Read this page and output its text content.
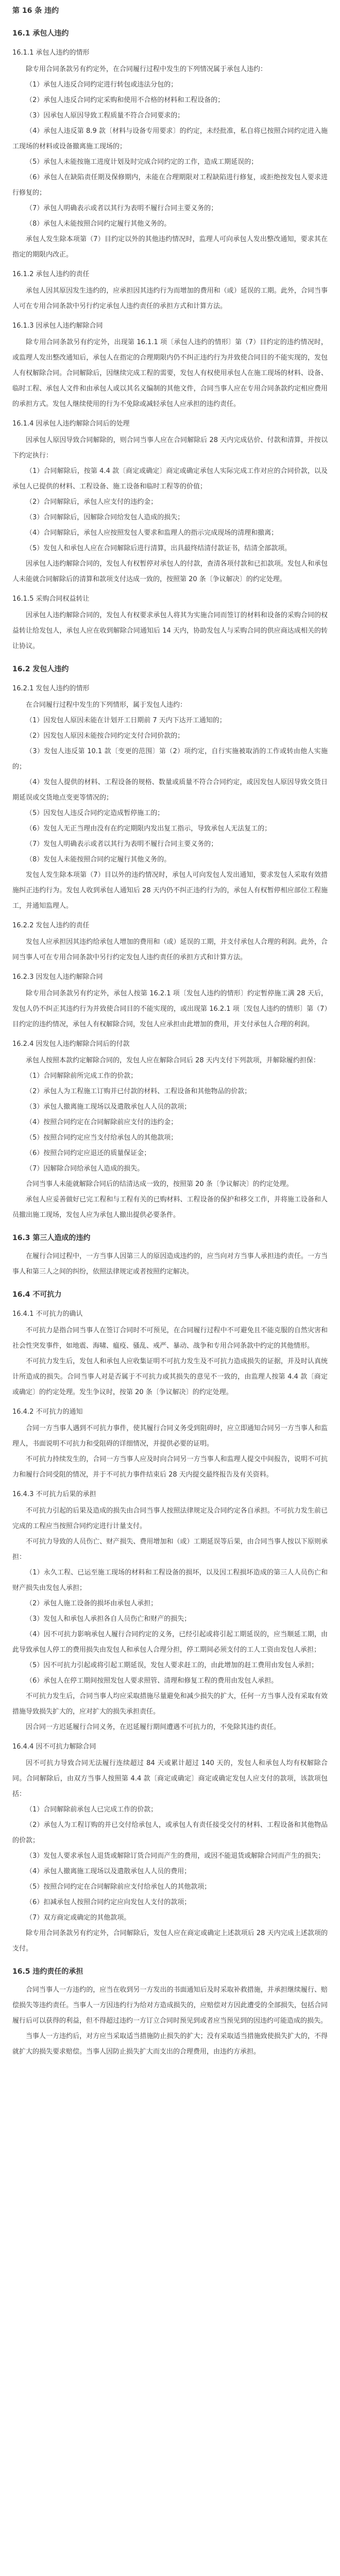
第 16 条 违约
16.1 承包人违约

16.1.1 承包人违约的情形

除专用合同条款另有约定外，在合同履行过程中发生的下列情况属于承包人违约：

（1）承包人违反合同约定进行转包或违法分包的；

（2）承包人违反合同约定采购和使用不合格的材料和工程设备的；

（3）因承包人原因导致工程质量不符合合同要求的；

（4）承包人违反第 8.9 款〔材料与设备专用要求〕的约定，未经批准，私自将已按照合同约定进入施工现场的材料或设备撤离施工现场的；

（5）承包人未能按施工进度计划及时完成合同约定的工作，造成工期延误的；

（6）承包人在缺陷责任期及保修期内，未能在合理期限对工程缺陷进行修复，或拒绝按发包人要求进行修复的；

（7）承包人明确表示或者以其行为表明不履行合同主要义务的；

（8）承包人未能按照合同约定履行其他义务的。

承包人发生除本项第（7）目约定以外的其他违约情况时，监理人可向承包人发出整改通知，要求其在指定的期限内改正。

16.1.2 承包人违约的责任

承包人因其原因发生违约的，应承担因其违约行为而增加的费用和（或）延误的工期。此外，合同当事人可在专用合同条款中另行约定承包人违约责任的承担方式和计算方法。

16.1.3 因承包人违约解除合同

除专用合同条款另有约定外，出现第 16.1.1 项〔承包人违约的情形〕第（7）目约定的违约情况时，或监理人发出整改通知后，承包人在指定的合理期限内仍不纠正违约行为并致使合同目的不能实现的，发包人有权解除合同。合同解除后，因继续完成工程的需要，发包人有权使用承包人在施工现场的材料、设备、临时工程、承包人文件和由承包人或以其名义编制的其他文件，合同当事人应在专用合同条款约定相应费用的承担方式。发包人继续使用的行为不免除或减轻承包人应承担的违约责任。

16.1.4 因承包人违约解除合同后的处理

因承包人原因导致合同解除的，则合同当事人应在合同解除后 28 天内完成估价、付款和清算，并按以下约定执行：

（1）合同解除后，按第 4.4 款〔商定或确定〕商定或确定承包人实际完成工作对应的合同价款，以及承包人已提供的材料、工程设备、施工设备和临时工程等的价值；

（2）合同解除后，承包人应支付的违约金；

（3）合同解除后，因解除合同给发包人造成的损失；

（4）合同解除后，承包人应按照发包人要求和监理人的指示完成现场的清理和撤离；

（5）发包人和承包人应在合同解除后进行清算，出具最终结清付款证书，结清全部款项。

因承包人违约解除合同的，发包人有权暂停对承包人的付款，查清各项付款和已扣款项。发包人和承包人未能就合同解除后的清算和款项支付达成一致的，按照第 20 条〔争议解决〕的约定处理。

16.1.5 采购合同权益转让

因承包人违约解除合同的，发包人有权要求承包人将其为实施合同而签订的材料和设备的采购合同的权益转让给发包人，承包人应在收到解除合同通知后 14 天内，协助发包人与采购合同的供应商达成相关的转让协议。

16.2 发包人违约

16.2.1 发包人违约的情形

在合同履行过程中发生的下列情形，属于发包人违约：

（1）因发包人原因未能在计划开工日期前 7 天内下达开工通知的；

（2）因发包人原因未能按合同约定支付合同价款的；

（3）发包人违反第 10.1 款〔变更的范围〕第（2）项约定，自行实施被取消的工作或转由他人实施的；

（4）发包人提供的材料、工程设备的规格、数量或质量不符合合同约定，或因发包人原因导致交货日期延误或交货地点变更等情况的；

（5）因发包人违反合同约定造成暂停施工的；

（6）发包人无正当理由没有在约定期限内发出复工指示，导致承包人无法复工的；

（7）发包人明确表示或者以其行为表明不履行合同主要义务的；

（8）发包人未能按照合同约定履行其他义务的。

发包人发生除本项第（7）目以外的违约情况时，承包人可向发包人发出通知，要求发包人采取有效措施纠正违约行为。发包人收到承包人通知后 28 天内仍不纠正违约行为的，承包人有权暂停相应部位工程施工，并通知监理人。

16.2.2 发包人违约的责任

发包人应承担因其违约给承包人增加的费用和（或）延误的工期，并支付承包人合理的利润。此外，合同当事人可在专用合同条款中另行约定发包人违约责任的承担方式和计算方法。

16.2.3 因发包人违约解除合同

除专用合同条款另有约定外，承包人按第 16.2.1 项〔发包人违约的情形〕约定暂停施工满 28 天后，发包人仍不纠正其违约行为并致使合同目的不能实现的，或出现第 16.2.1 项〔发包人违约的情形〕第（7）目约定的违约情况，承包人有权解除合同，发包人应承担由此增加的费用，并支付承包人合理的利润。

16.2.4 因发包人违约解除合同后的付款

承包人按照本款约定解除合同的，发包人应在解除合同后 28 天内支付下列款项，并解除履约担保：

（1）合同解除前所完成工作的价款；

（2）承包人为工程施工订购并已付款的材料、工程设备和其他物品的价款；

（3）承包人撤离施工现场以及遣散承包人人员的款项；

（4）按照合同约定在合同解除前应支付的违约金；

（5）按照合同约定应当支付给承包人的其他款项；

（6）按照合同约定应退还的质量保证金；

（7）因解除合同给承包人造成的损失。

合同当事人未能就解除合同后的结清达成一致的，按照第 20 条〔争议解决〕的约定处理。

承包人应妥善做好已完工程和与工程有关的已购材料、工程设备的保护和移交工作，并将施工设备和人员撤出施工现场，发包人应为承包人撤出提供必要条件。

16.3 第三人造成的违约

在履行合同过程中，一方当事人因第三人的原因造成违约的，应当向对方当事人承担违约责任。一方当事人和第三人之间的纠纷，依照法律规定或者按照约定解决。

16.4 不可抗力

16.4.1 不可抗力的确认

不可抗力是指合同当事人在签订合同时不可预见，在合同履行过程中不可避免且不能克服的自然灾害和社会性突发事件，如地震、海啸、瘟疫、骚乱、戒严、暴动、战争和专用合同条款中约定的其他情形。

不可抗力发生后，发包人和承包人应收集证明不可抗力发生及不可抗力造成损失的证据，并及时认真统计所造成的损失。合同当事人对是否属于不可抗力或其损失的意见不一致的，由监理人按第 4.4 款〔商定或确定〕的约定处理。发生争议时，按第 20 条〔争议解决〕的约定处理。

16.4.2 不可抗力的通知

合同一方当事人遇到不可抗力事件，使其履行合同义务受到阻碍时，应立即通知合同另一方当事人和监理人，书面说明不可抗力和受阻碍的详细情况，并提供必要的证明。

不可抗力持续发生的，合同一方当事人应及时向合同另一方当事人和监理人提交中间报告，说明不可抗力和履行合同受阻的情况，并于不可抗力事件结束后 28 天内提交最终报告及有关资料。

16.4.3 不可抗力后果的承担

不可抗力引起的后果及造成的损失由合同当事人按照法律规定及合同约定各自承担。不可抗力发生前已完成的工程应当按照合同约定进行计量支付。

不可抗力导致的人员伤亡、财产损失、费用增加和（或）工期延误等后果，由合同当事人按以下原则承担：

（1）永久工程、已运至施工现场的材料和工程设备的损坏，以及因工程损坏造成的第三人人员伤亡和财产损失由发包人承担；

（2）承包人施工设备的损坏由承包人承担；

（3）发包人和承包人承担各自人员伤亡和财产的损失；

（4）因不可抗力影响承包人履行合同约定的义务，已经引起或将引起工期延误的，应当顺延工期，由此导致承包人停工的费用损失由发包人和承包人合理分担，停工期间必须支付的工人工资由发包人承担；

（5）因不可抗力引起或将引起工期延误，发包人要求赶工的，由此增加的赶工费用由发包人承担；

（6）承包人在停工期间按照发包人要求照管、清理和修复工程的费用由发包人承担。

不可抗力发生后，合同当事人均应采取措施尽量避免和减少损失的扩大，任何一方当事人没有采取有效措施导致损失扩大的，应对扩大的损失承担责任。

因合同一方迟延履行合同义务，在迟延履行期间遭遇不可抗力的，不免除其违约责任。

16.4.4 因不可抗力解除合同

因不可抗力导致合同无法履行连续超过 84 天或累计超过 140 天的，发包人和承包人均有权解除合同。合同解除后，由双方当事人按照第 4.4 款〔商定或确定〕商定或确定发包人应支付的款项，该款项包括：

（1）合同解除前承包人已完成工作的价款；

（2）承包人为工程订购的并已交付给承包人，或承包人有责任接受交付的材料、工程设备和其他物品的价款；

（3）发包人要求承包人退货或解除订货合同而产生的费用，或因不能退货或解除合同而产生的损失；

（4）承包人撤离施工现场以及遣散承包人人员的费用；

（5）按照合同约定在合同解除前应支付给承包人的其他款项；

（6）扣减承包人按照合同约定应向发包人支付的款项；

（7）双方商定或确定的其他款项。

除专用合同条款另有约定外，合同解除后，发包人应在商定或确定上述款项后 28 天内完成上述款项的支付。

16.5 违约责任的承担

合同当事人一方违约的，应当在收到另一方发出的书面通知后及时采取补救措施，并承担继续履行、赔偿损失等违约责任。当事人一方因违约行为给对方造成损失的，应赔偿对方因此遭受的全部损失，包括合同履行后可以获得的利益，但不得超过违约一方订立合同时预见到或者应当预见到的因违约可能造成的损失。

当事人一方违约后，对方应当采取适当措施防止损失的扩大；没有采取适当措施致使损失扩大的，不得就扩大的损失要求赔偿。当事人因防止损失扩大而支出的合理费用，由违约方承担。
